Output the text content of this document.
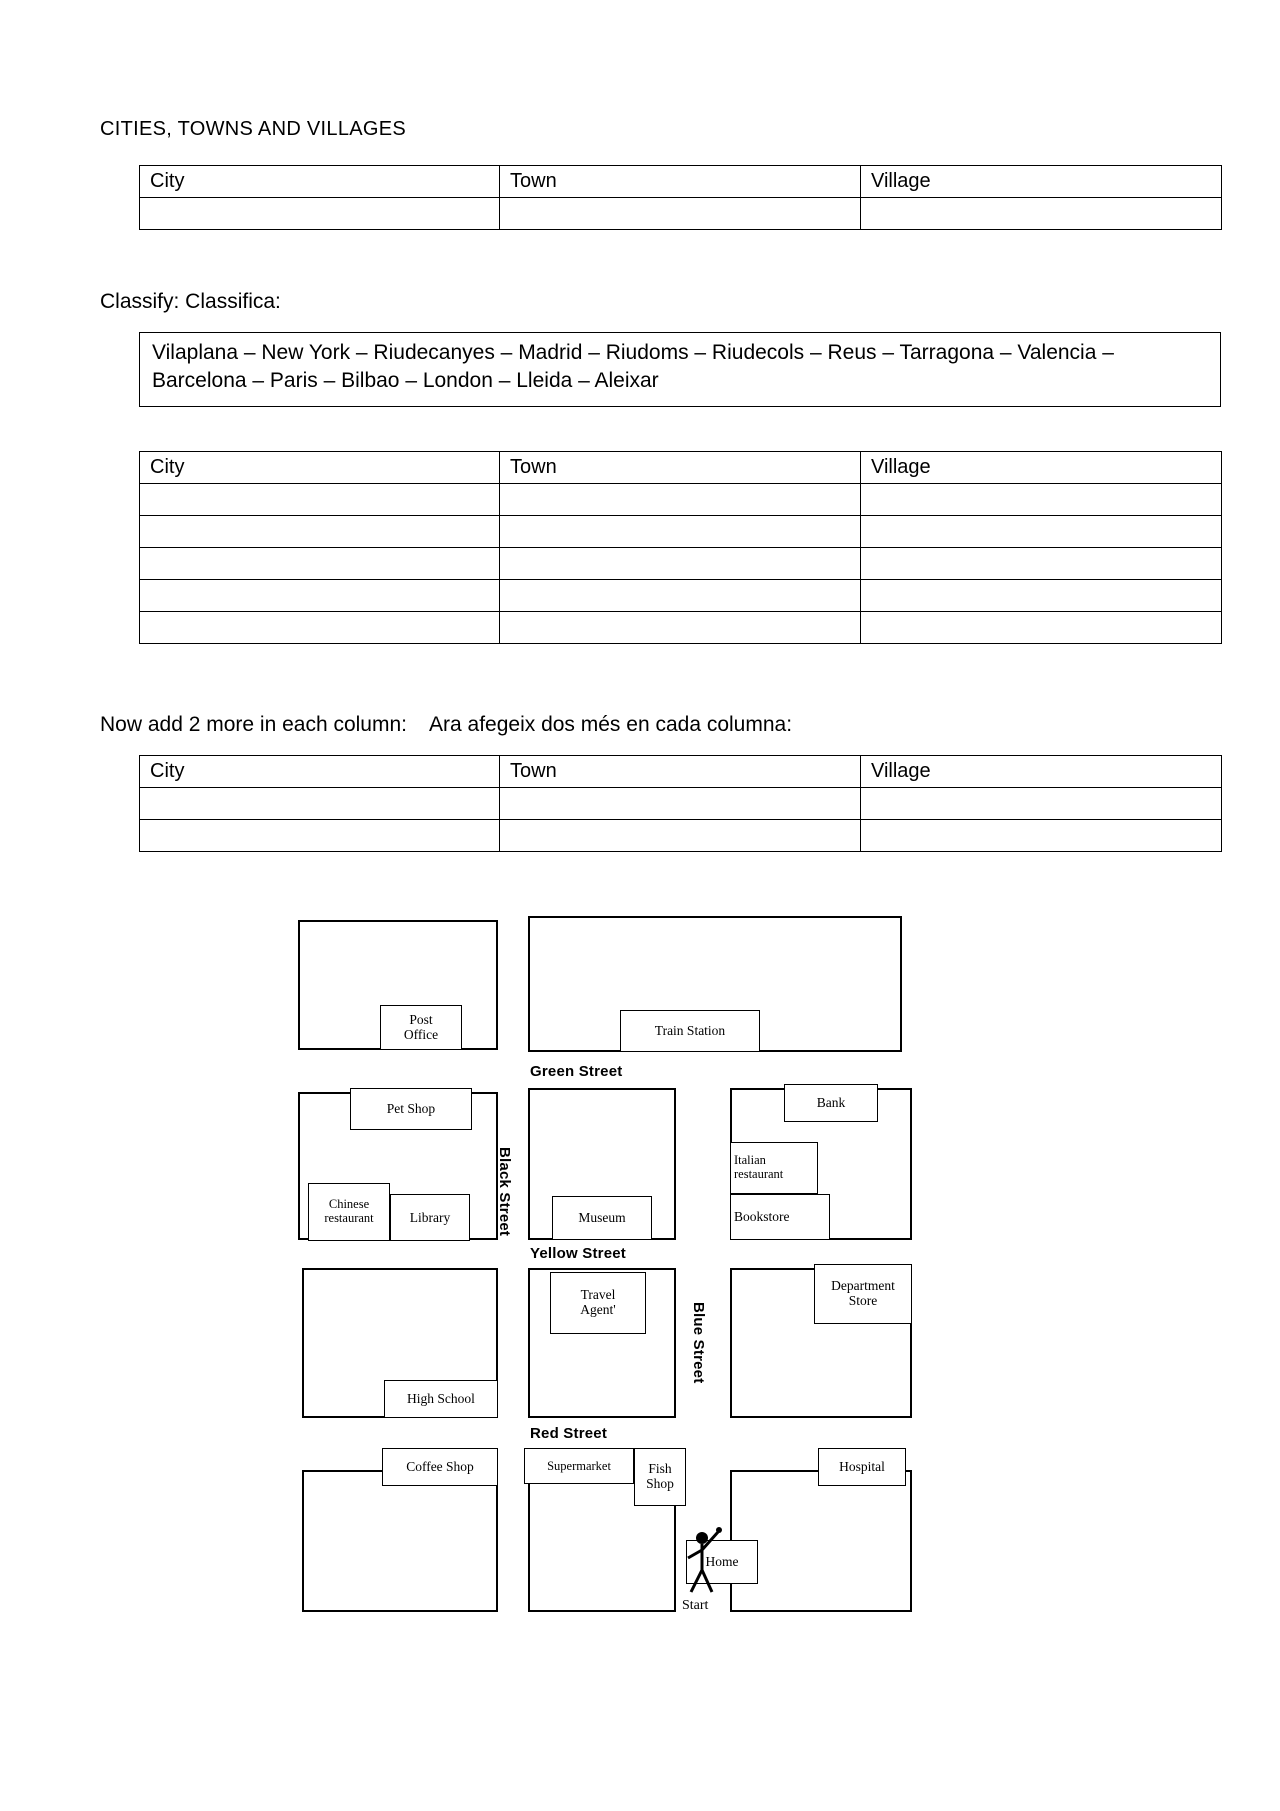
CITIES, TOWNS AND VILLAGES
City	Town	Village

Classify: Classifica:
Vilaplana – New York – Riudecanyes – Madrid – Riudoms – Riudecols – Reus – Tarragona – Valencia – Barcelona – Paris – Bilbao – London – Lleida – Aleixar
City	Town	Village

Now add 2 more in each column: Ara afegeix dos més en cada columna:
City	Town	Village

Post
Office	Train Station
Green Street
Pet Shop
Chinese
restaurant	Library	Museum
Bank
Italian
restaurant
Bookstore
Yellow Street
Black Street
Blue Street
High School
Travel
Agent'
Department
Store
Red Street
Coffee Shop	Supermarket	Fish
Shop
Hospital
Home
Start
